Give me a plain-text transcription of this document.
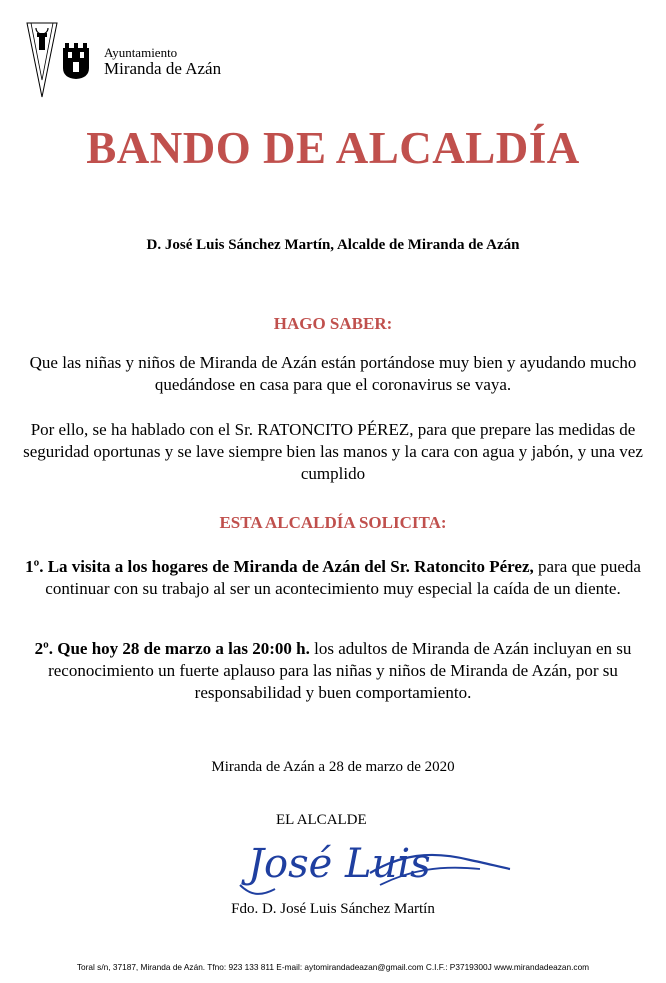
Ayuntamiento
Miranda de Azán
BANDO DE ALCALDÍA
D. José Luis Sánchez Martín, Alcalde de Miranda de Azán
HAGO SABER:
Que las niñas y niños de Miranda de Azán están portándose muy bien y ayudando mucho quedándose en casa para que el coronavirus se vaya.
Por ello, se ha hablado con el Sr. RATONCITO PÉREZ, para que prepare las medidas de seguridad oportunas y se lave siempre bien las manos y la cara con agua y jabón, y una vez cumplido
ESTA ALCALDÍA SOLICITA:
1º. La visita a los hogares de Miranda de Azán del Sr. Ratoncito Pérez, para que pueda continuar con su trabajo al ser un acontecimiento muy especial la caída de un diente.
2º. Que hoy 28 de marzo a las 20:00 h. los adultos de Miranda de Azán incluyan en su reconocimiento un fuerte aplauso para las niñas y niños de Miranda de Azán, por su responsabilidad y buen comportamiento.
Miranda de Azán a 28 de marzo de 2020
EL ALCALDE
José Luis
Fdo. D. José Luis Sánchez Martín
Toral s/n, 37187, Miranda de Azán. Tfno: 923 133 811 E-mail: aytomirandadeazan@gmail.com C.I.F.: P3719300J www.mirandadeazan.com
